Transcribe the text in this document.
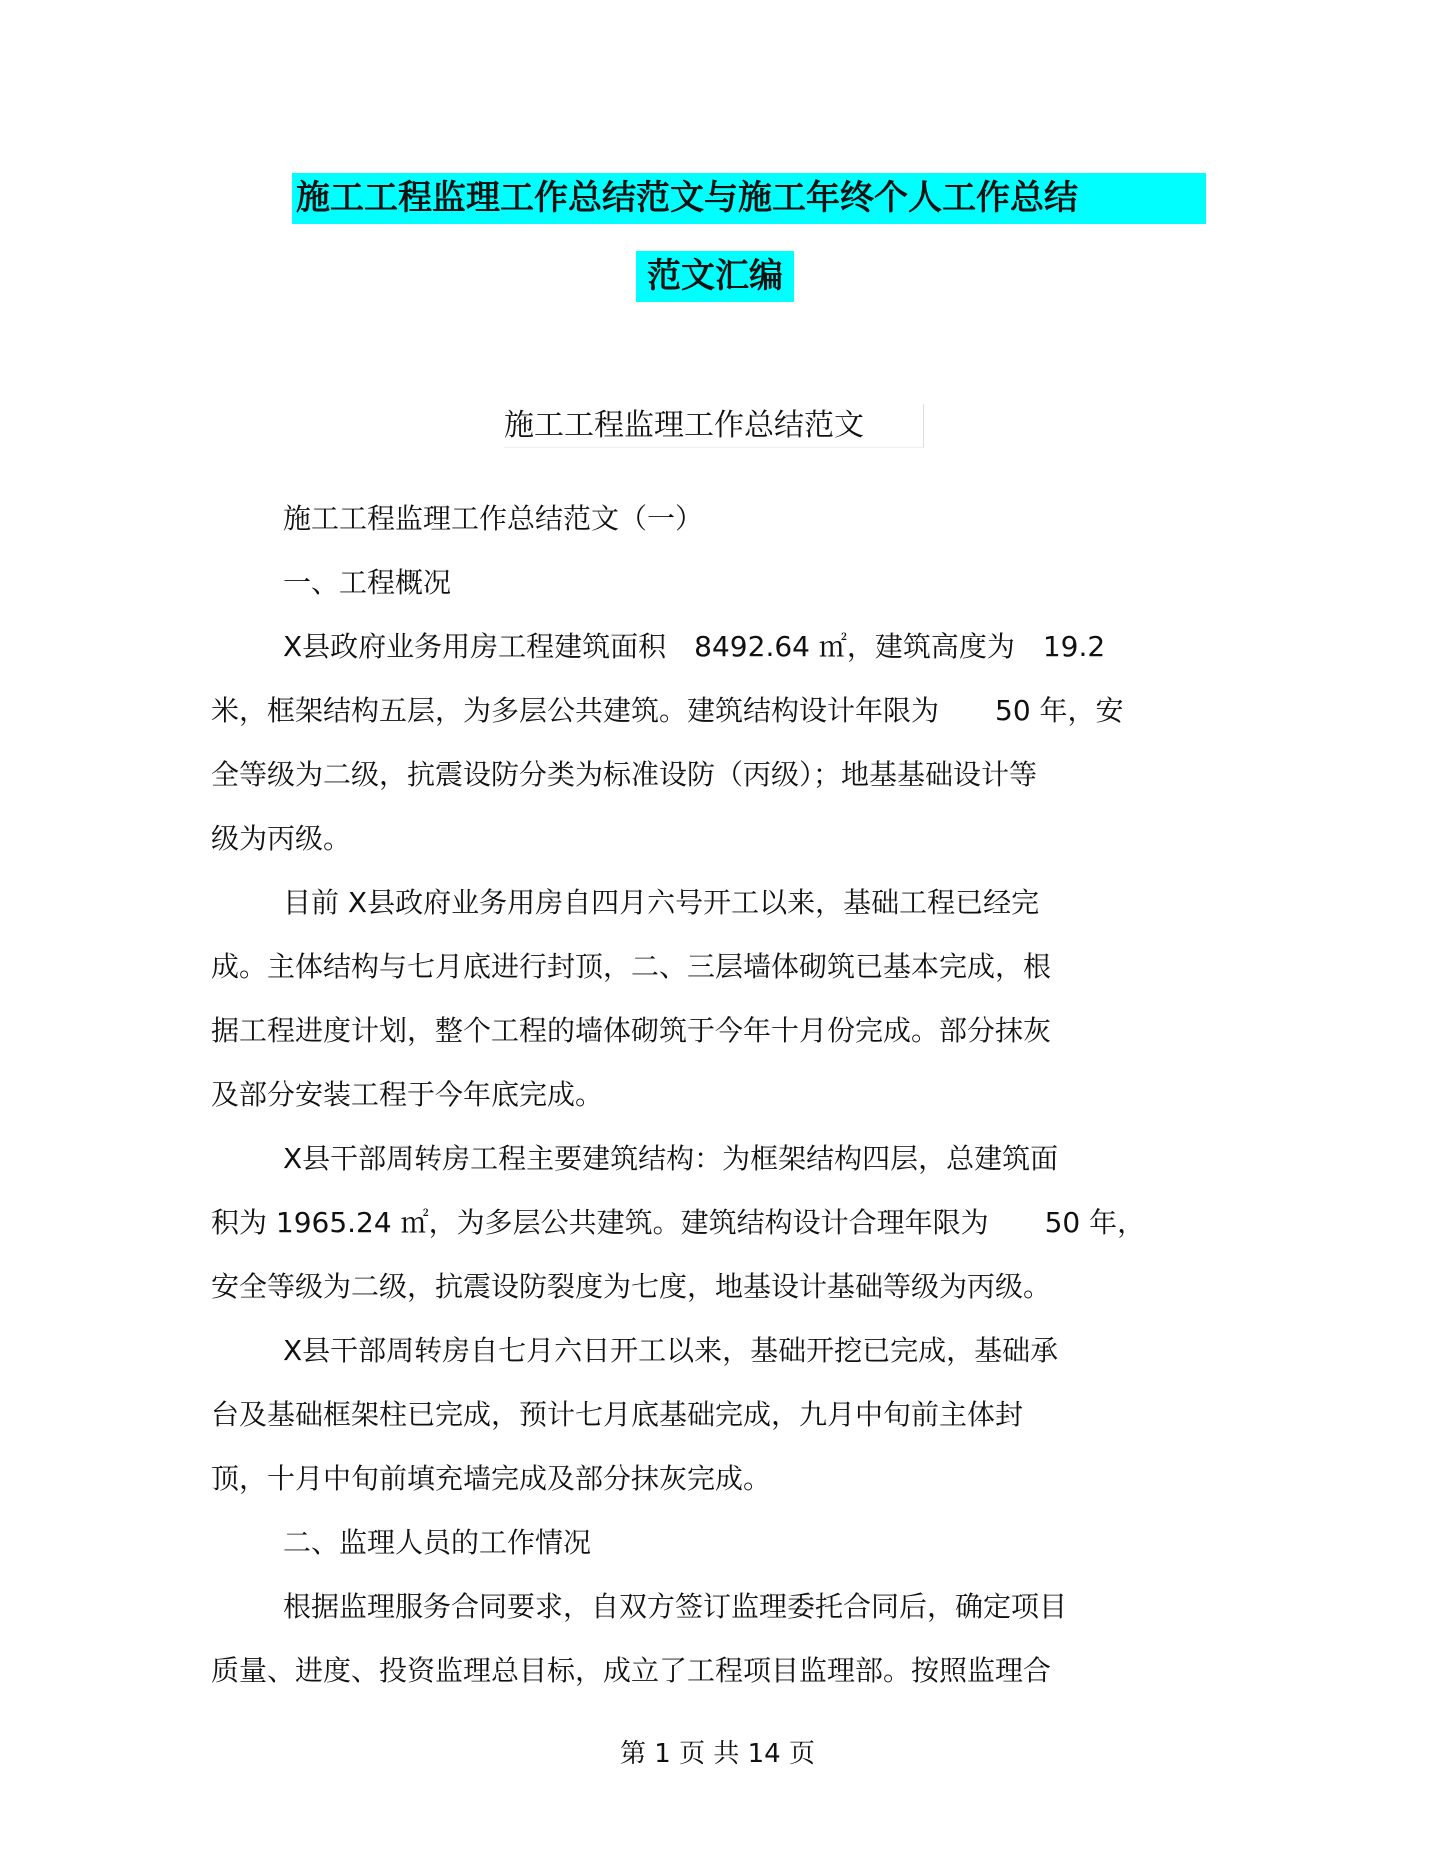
施工工程监理工作总结范文与施工年终个人工作总结
范文汇编
施工工程监理工作总结范文
施工工程监理工作总结范文（一）
一、工程概况
X县政府业务用房工程建筑面积　8492.64 ㎡，建筑高度为　19.2
米，框架结构五层，为多层公共建筑。建筑结构设计年限为　　50 年，安
全等级为二级，抗震设防分类为标准设防（丙级）；地基基础设计等
级为丙级。
目前 X县政府业务用房自四月六号开工以来，基础工程已经完
成。主体结构与七月底进行封顶，二、三层墙体砌筑已基本完成，根
据工程进度计划，整个工程的墙体砌筑于今年十月份完成。部分抹灰
及部分安装工程于今年底完成。
X县干部周转房工程主要建筑结构：为框架结构四层，总建筑面
积为 1965.24 ㎡，为多层公共建筑。建筑结构设计合理年限为　　50 年，
安全等级为二级，抗震设防裂度为七度，地基设计基础等级为丙级。
X县干部周转房自七月六日开工以来，基础开挖已完成，基础承
台及基础框架柱已完成，预计七月底基础完成，九月中旬前主体封
顶，十月中旬前填充墙完成及部分抹灰完成。
二、监理人员的工作情况
根据监理服务合同要求，自双方签订监理委托合同后，确定项目
质量、进度、投资监理总目标，成立了工程项目监理部。按照监理合
第 1 页 共 14 页
